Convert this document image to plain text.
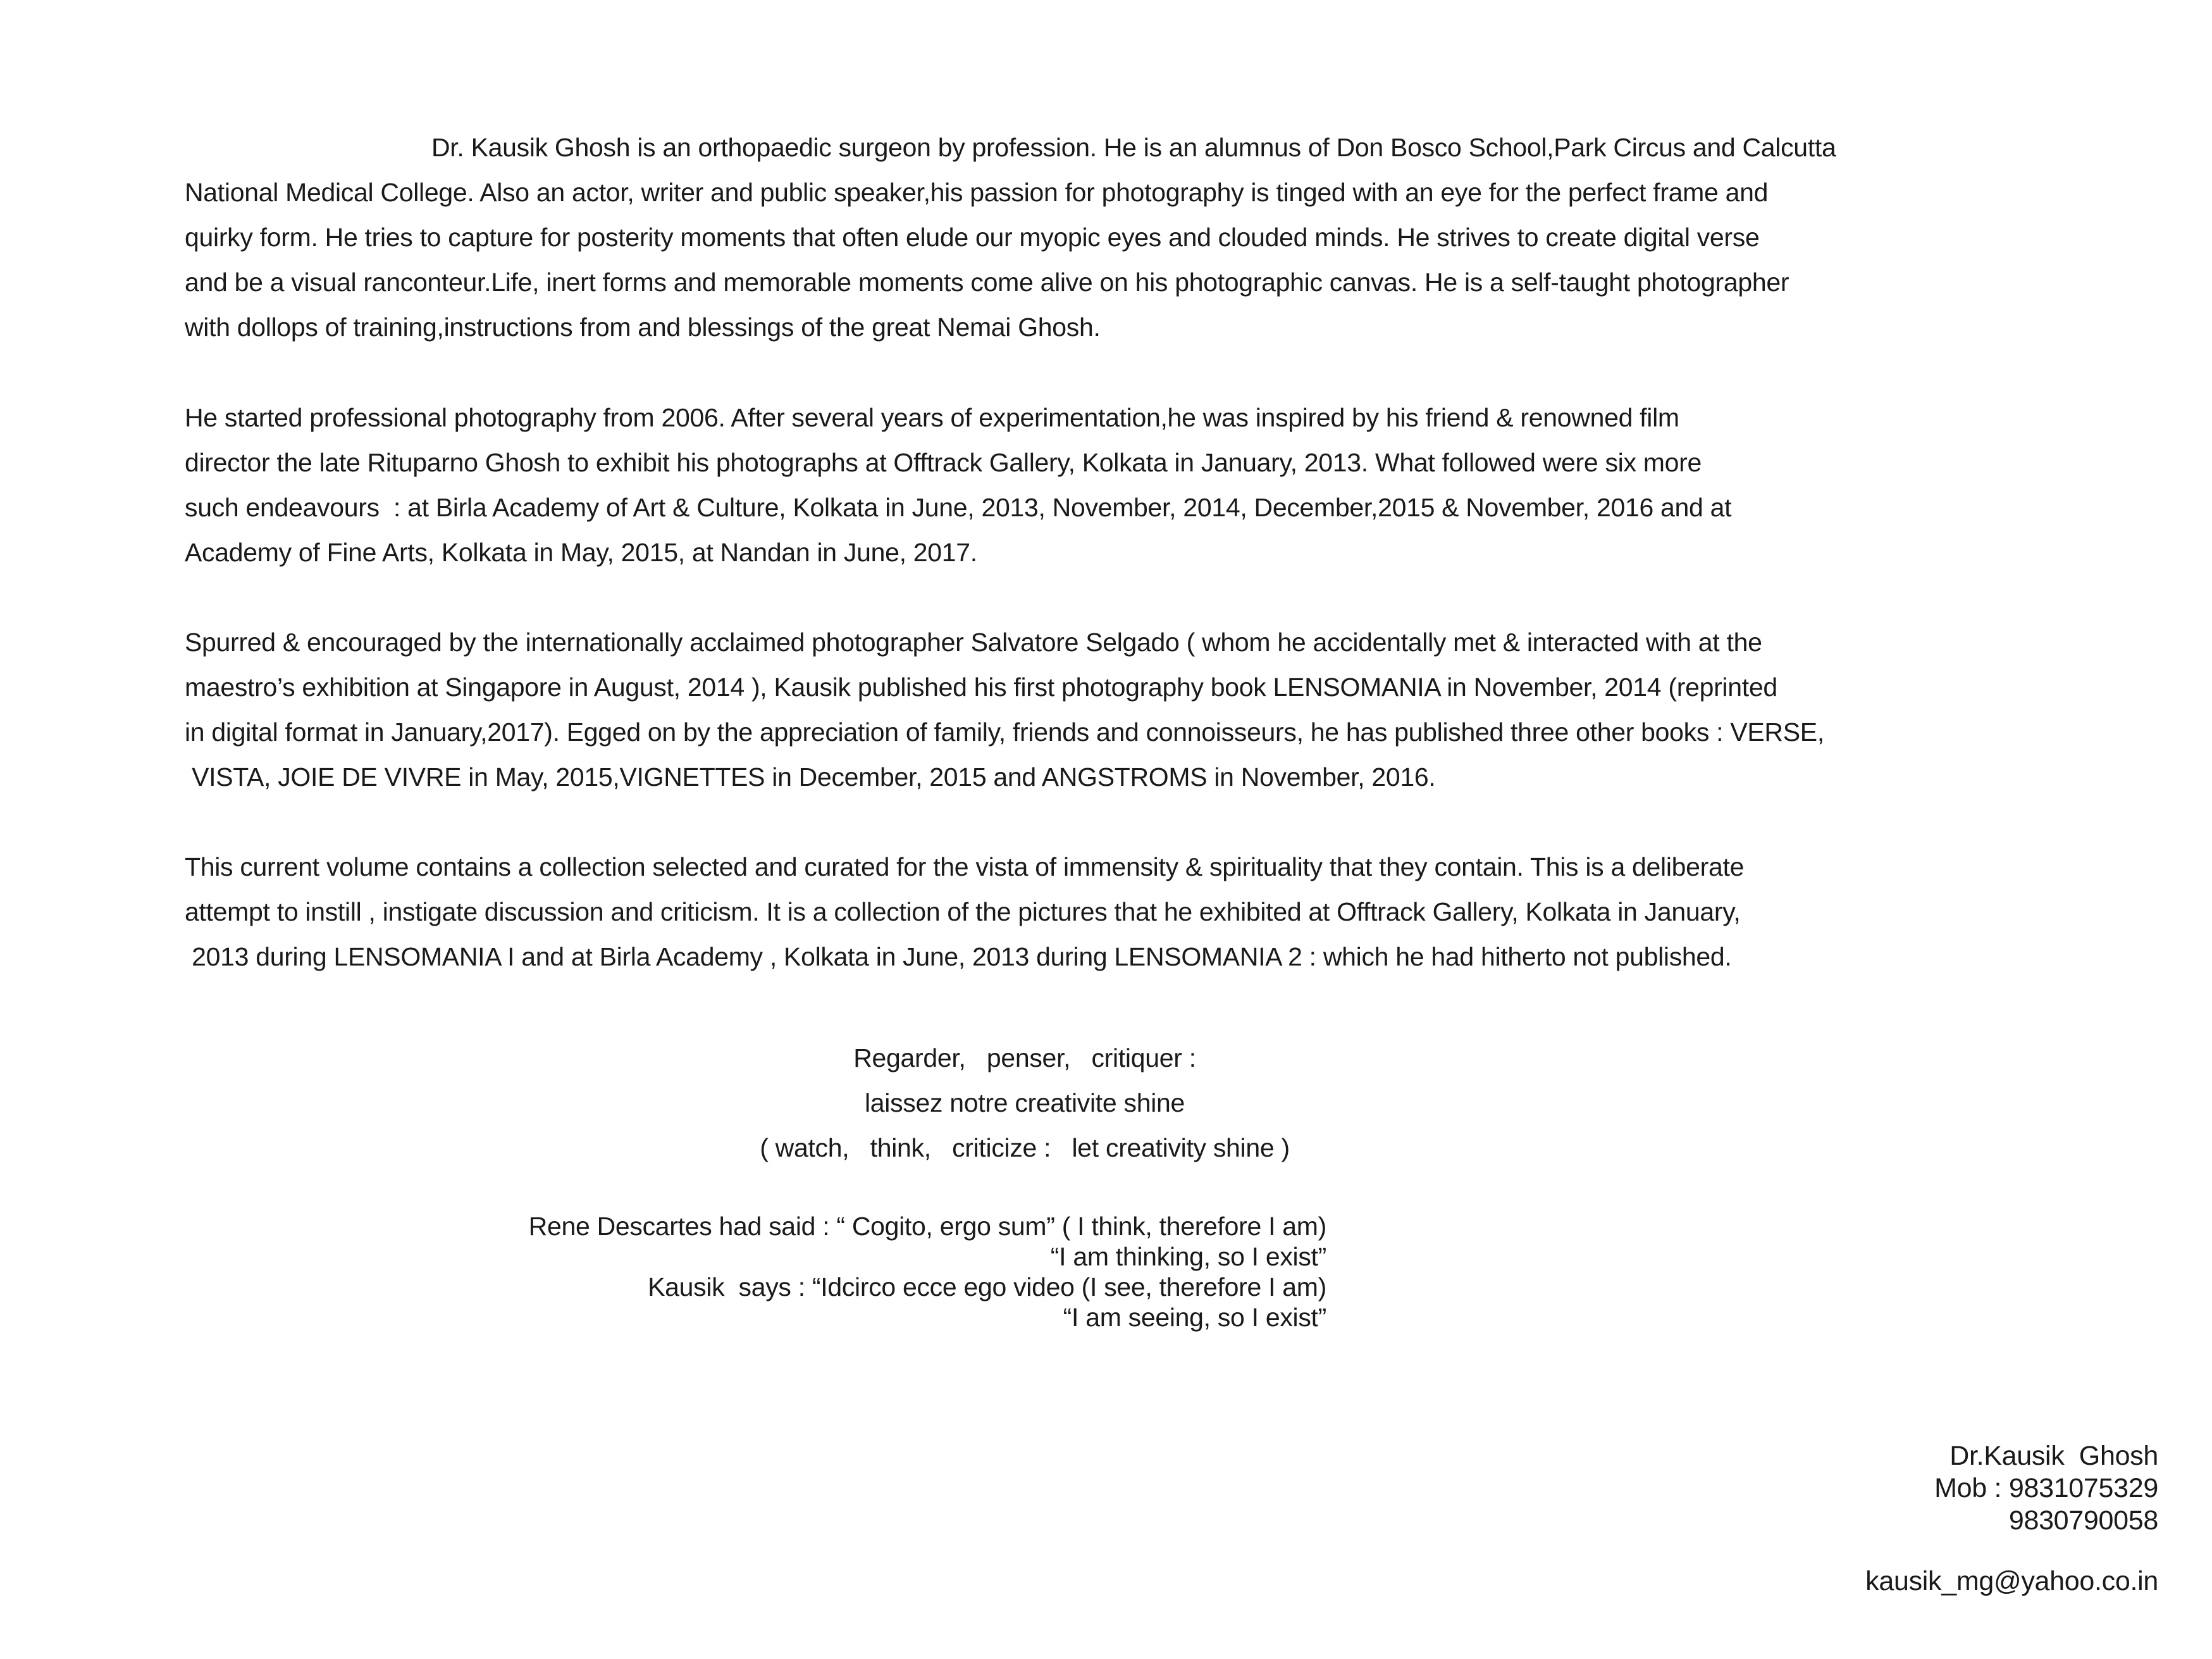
Dr. Kausik Ghosh is an orthopaedic surgeon by profession. He is an alumnus of Don Bosco School,Park Circus and Calcutta
National Medical College. Also an actor, writer and public speaker,his passion for photography is tinged with an eye for the perfect frame and
quirky form. He tries to capture for posterity moments that often elude our myopic eyes and clouded minds. He strives to create digital verse
and be a visual ranconteur.Life, inert forms and memorable moments come alive on his photographic canvas. He is a self-taught photographer
with dollops of training,instructions from and blessings of the great Nemai Ghosh.
He started professional photography from 2006. After several years of experimentation,he was inspired by his friend & renowned film
director the late Rituparno Ghosh to exhibit his photographs at Offtrack Gallery, Kolkata in January, 2013. What followed were six more
such endeavours  : at Birla Academy of Art & Culture, Kolkata in June, 2013, November, 2014, December,2015 & November, 2016 and at
Academy of Fine Arts, Kolkata in May, 2015, at Nandan in June, 2017.
Spurred & encouraged by the internationally acclaimed photographer Salvatore Selgado ( whom he accidentally met & interacted with at the
maestro’s exhibition at Singapore in August, 2014 ), Kausik published his first photography book LENSOMANIA in November, 2014 (reprinted
in digital format in January,2017). Egged on by the appreciation of family, friends and connoisseurs, he has published three other books : VERSE,
VISTA, JOIE DE VIVRE in May, 2015,VIGNETTES in December, 2015 and ANGSTROMS in November, 2016.
This current volume contains a collection selected and curated for the vista of immensity & spirituality that they contain. This is a deliberate
attempt to instill , instigate discussion and criticism. It is a collection of the pictures that he exhibited at Offtrack Gallery, Kolkata in January,
2013 during LENSOMANIA I and at Birla Academy , Kolkata in June, 2013 during LENSOMANIA 2 : which he had hitherto not published.
Regarder,   penser,   critiquer :
laissez notre creativite shine
( watch,   think,   criticize :   let creativity shine )
Rene Descartes had said : “ Cogito, ergo sum” ( I think, therefore I am)
“I am thinking, so I exist”
Kausik  says : “Idcirco ecce ego video (I see, therefore I am)
“I am seeing, so I exist”
Dr.Kausik  Ghosh
Mob : 9831075329
9830790058
kausik_mg@yahoo.co.in
